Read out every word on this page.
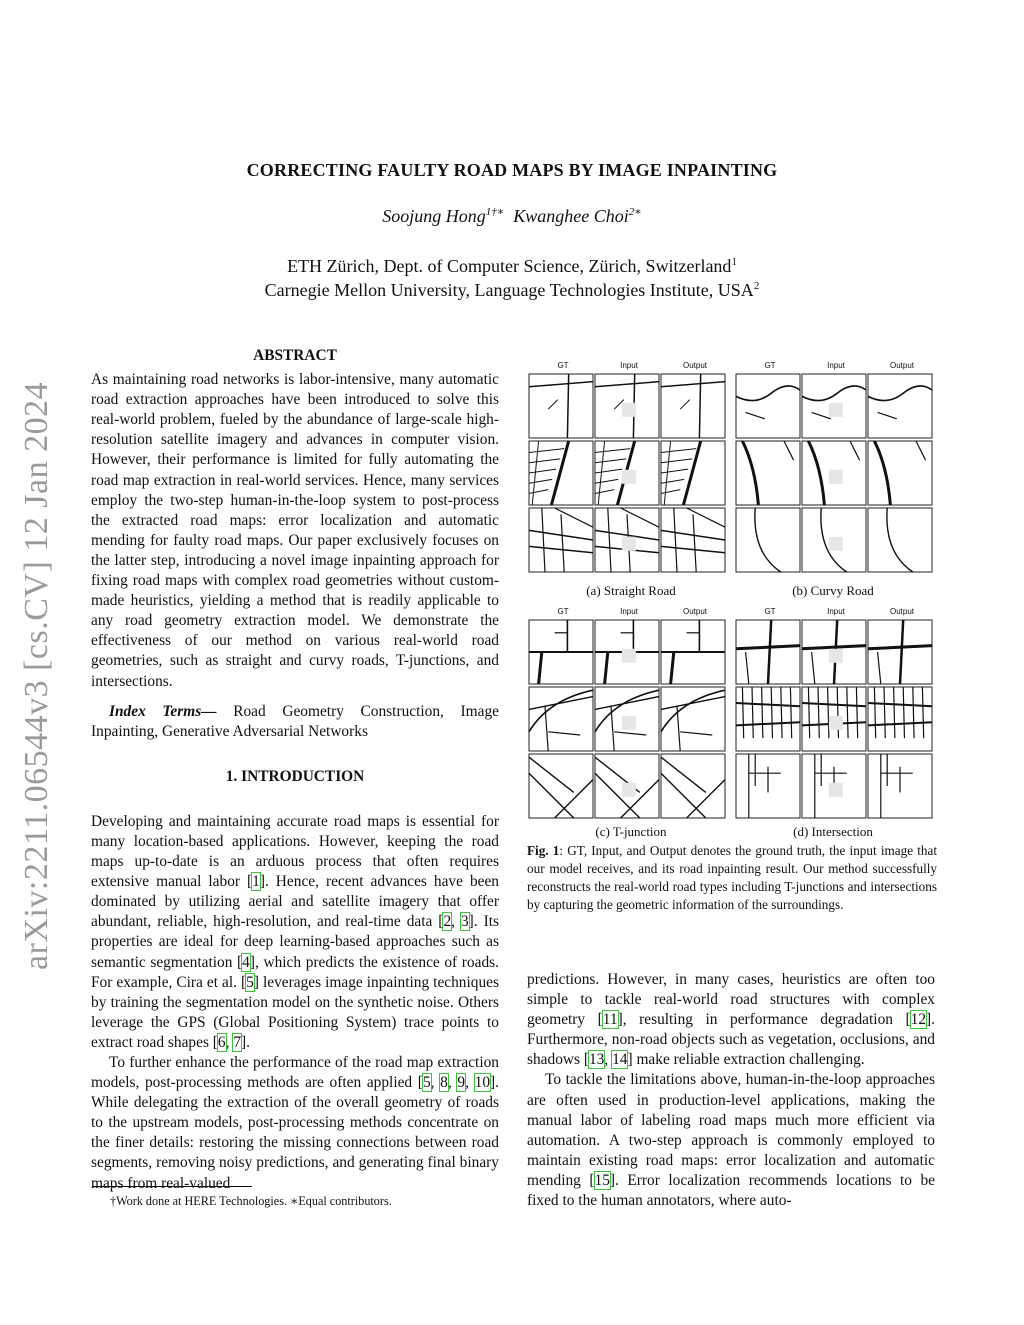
arXiv:2211.06544v3 [cs.CV] 12 Jan 2024
CORRECTING FAULTY ROAD MAPS BY IMAGE INPAINTING
Soojung Hong$^{1\dagger∗}$ Kwanghee Choi$^{2∗}$
ETH Zürich, Dept. of Computer Science, Zürich, Switzerland$^1$
Carnegie Mellon University, Language Technologies Institute, USA$^2$
ABSTRACT

As maintaining road networks is labor-intensive, many automatic road extraction approaches have been introduced to solve this real-world problem, fueled by the abundance of large-scale high-resolution satellite imagery and advances in computer vision. However, their performance is limited for fully automating the road map extraction in real-world services. Hence, many services employ the two-step human-in-the-loop system to post-process the extracted road maps: error localization and automatic mending for faulty road maps. Our paper exclusively focuses on the latter step, introducing a novel image inpainting approach for fixing road maps with complex road geometries without custom-made heuristics, yielding a method that is readily applicable to any road geometry extraction model. We demonstrate the effectiveness of our method on various real-world road geometries, such as straight and curvy roads, T-junctions, and intersections.

Index Terms— Road Geometry Construction, Image Inpainting, Generative Adversarial Networks

1. INTRODUCTION

Developing and maintaining accurate road maps is essential for many location-based applications. However, keeping the road maps up-to-date is an arduous process that often requires extensive manual labor [1]. Hence, recent advances have been dominated by utilizing aerial and satellite imagery that offer abundant, reliable, high-resolution, and real-time data [2, 3]. Its properties are ideal for deep learning-based approaches such as semantic segmentation [4], which predicts the existence of roads. For example, Cira et al. [5] leverages image inpainting techniques by training the segmentation model on the synthetic noise. Others leverage the GPS (Global Positioning System) trace points to extract road shapes [6, 7].

To further enhance the performance of the road map extraction models, post-processing methods are often applied [5, 8, 9, 10]. While delegating the extraction of the overall geometry of roads to the upstream models, post-processing methods concentrate on the finer details: restoring the missing connections between road segments, removing noisy predictions, and generating final binary maps from real-valued

GT	Input	Output	GT	Input	Output
GT	Input	Output	GT	Input	Output
(a) Straight Road	(b) Curvy Road
(c) T-junction	(d) Intersection
Fig. 1: GT, Input, and Output denotes the ground truth, the input image that our model receives, and its road inpainting result. Our method successfully reconstructs the real-world road types including T-junctions and intersections by capturing the geometric information of the surroundings.

predictions. However, in many cases, heuristics are often too simple to tackle real-world road structures with complex geometry [11], resulting in performance degradation [12]. Furthermore, non-road objects such as vegetation, occlusions, and shadows [13, 14] make reliable extraction challenging.

To tackle the limitations above, human-in-the-loop approaches are often used in production-level applications, making the manual labor of labeling road maps much more efficient via automation. A two-step approach is commonly employed to maintain existing road maps: error localization and automatic mending [15]. Error localization recommends locations to be fixed to the human annotators, where auto-

†Work done at HERE Technologies. ∗Equal contributors.
